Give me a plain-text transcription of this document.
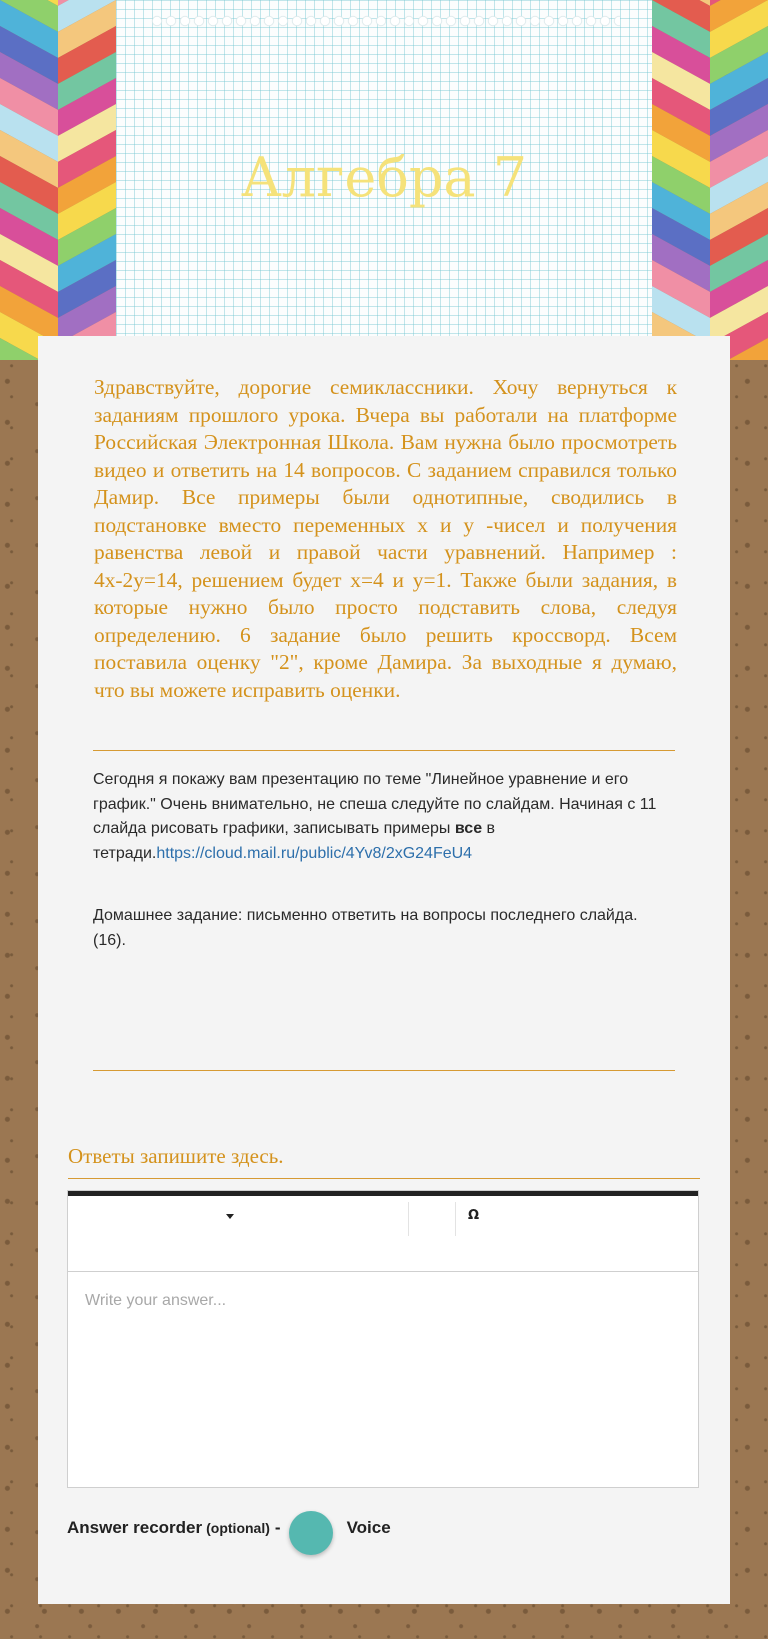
Алгебра 7

Здравствуйте, дорогие семиклассники. Хочу вернуться к заданиям прошлого урока. Вчера вы работали на платформе Российская Электронная Школа. Вам нужна было просмотреть видео и ответить на 14 вопросов. С заданием справился только Дамир. Все примеры были однотипные, сводились в подстановке вместо переменных х и у -чисел и получения равенства левой и правой части уравнений. Например : 4х-2у=14, решением будет х=4 и у=1. Также были задания, в которые нужно было просто подставить слова, следуя определению. 6 задание было решить кроссворд. Всем поставила оценку "2", кроме Дамира. За выходные я думаю, что вы можете исправить оценки.

Сегодня я покажу вам презентацию по теме "Линейное уравнение и его график." Очень внимательно, не спеша следуйте по слайдам. Начиная с 11 слайда рисовать графики, записывать примеры все в тетради.https://cloud.mail.ru/public/4Yv8/2xG24FeU4

Домашнее задание: письменно ответить на вопросы последнего слайда. (16).

Ответы запишите здесь.

Ω
Write your answer...
Answer recorder (optional) -	Voice
